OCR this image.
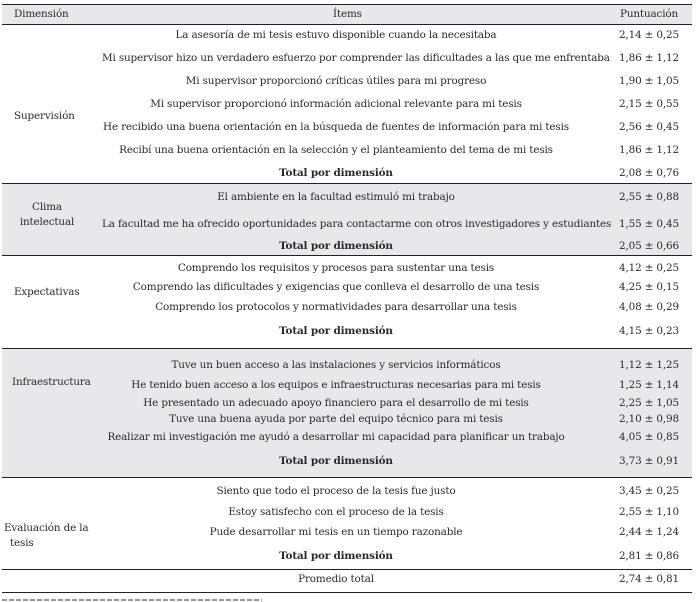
Dimensión	Ítems	Puntuación
Supervisión
La asesoría de mi tesis estuvo disponible cuando la necesitaba	2,14 ± 0,25
Mi supervisor hizo un verdadero esfuerzo por comprender las dificultades a las que me enfrentaba 1,86 ± 1,12
Mi supervisor proporcionó críticas útiles para mi progreso	1,90 ± 1,05
Mi supervisor proporcionó información adicional relevante para mi tesis	2,15 ± 0,55
He recibido una buena orientación en la búsqueda de fuentes de información para mi tesis	2,56 ± 0,45
Recibí una buena orientación en la selección y el planteamiento del tema de mi tesis	1,86 ± 1,12
Total por dimensión	2,08 ± 0,76
Clima
intelectual
El ambiente en la facultad estimuló mi trabajo	2,55 ± 0,88
La facultad me ha ofrecido oportunidades para contactarme con otros investigadores y estudiantes 1,55 ± 0,45
Total por dimensión	2,05 ± 0,66
Expectativas
Comprendo los requisitos y procesos para sustentar una tesis	4,12 ± 0,25
Comprendo las dificultades y exigencias que conlleva el desarrollo de una tesis	4,25 ± 0,15
Comprendo los protocolos y normatividades para desarrollar una tesis	4,08 ± 0,29
Total por dimensión	4,15 ± 0,23
Infraestructura
Tuve un buen acceso a las instalaciones y servicios informáticos	1,12 ± 1,25
He tenido buen acceso a los equipos e infraestructuras necesarias para mi tesis	1,25 ± 1,14
He presentado un adecuado apoyo financiero para el desarrollo de mi tesis	2,25 ± 1,05
Tuve una buena ayuda por parte del equipo técnico para mi tesis	2,10 ± 0,98
Realizar mi investigación me ayudó a desarrollar mi capacidad para planificar un trabajo	4,05 ± 0,85
Total por dimensión	3,73 ± 0,91
Evaluación de la
tesis
Siento que todo el proceso de la tesis fue justo	3,45 ± 0,25
Estoy satisfecho con el proceso de la tesis	2,55 ± 1,10
Pude desarrollar mi tesis en un tiempo razonable	2,44 ± 1,24
Total por dimensión	2,81 ± 0,86
Promedio total	2,74 ± 0,81
